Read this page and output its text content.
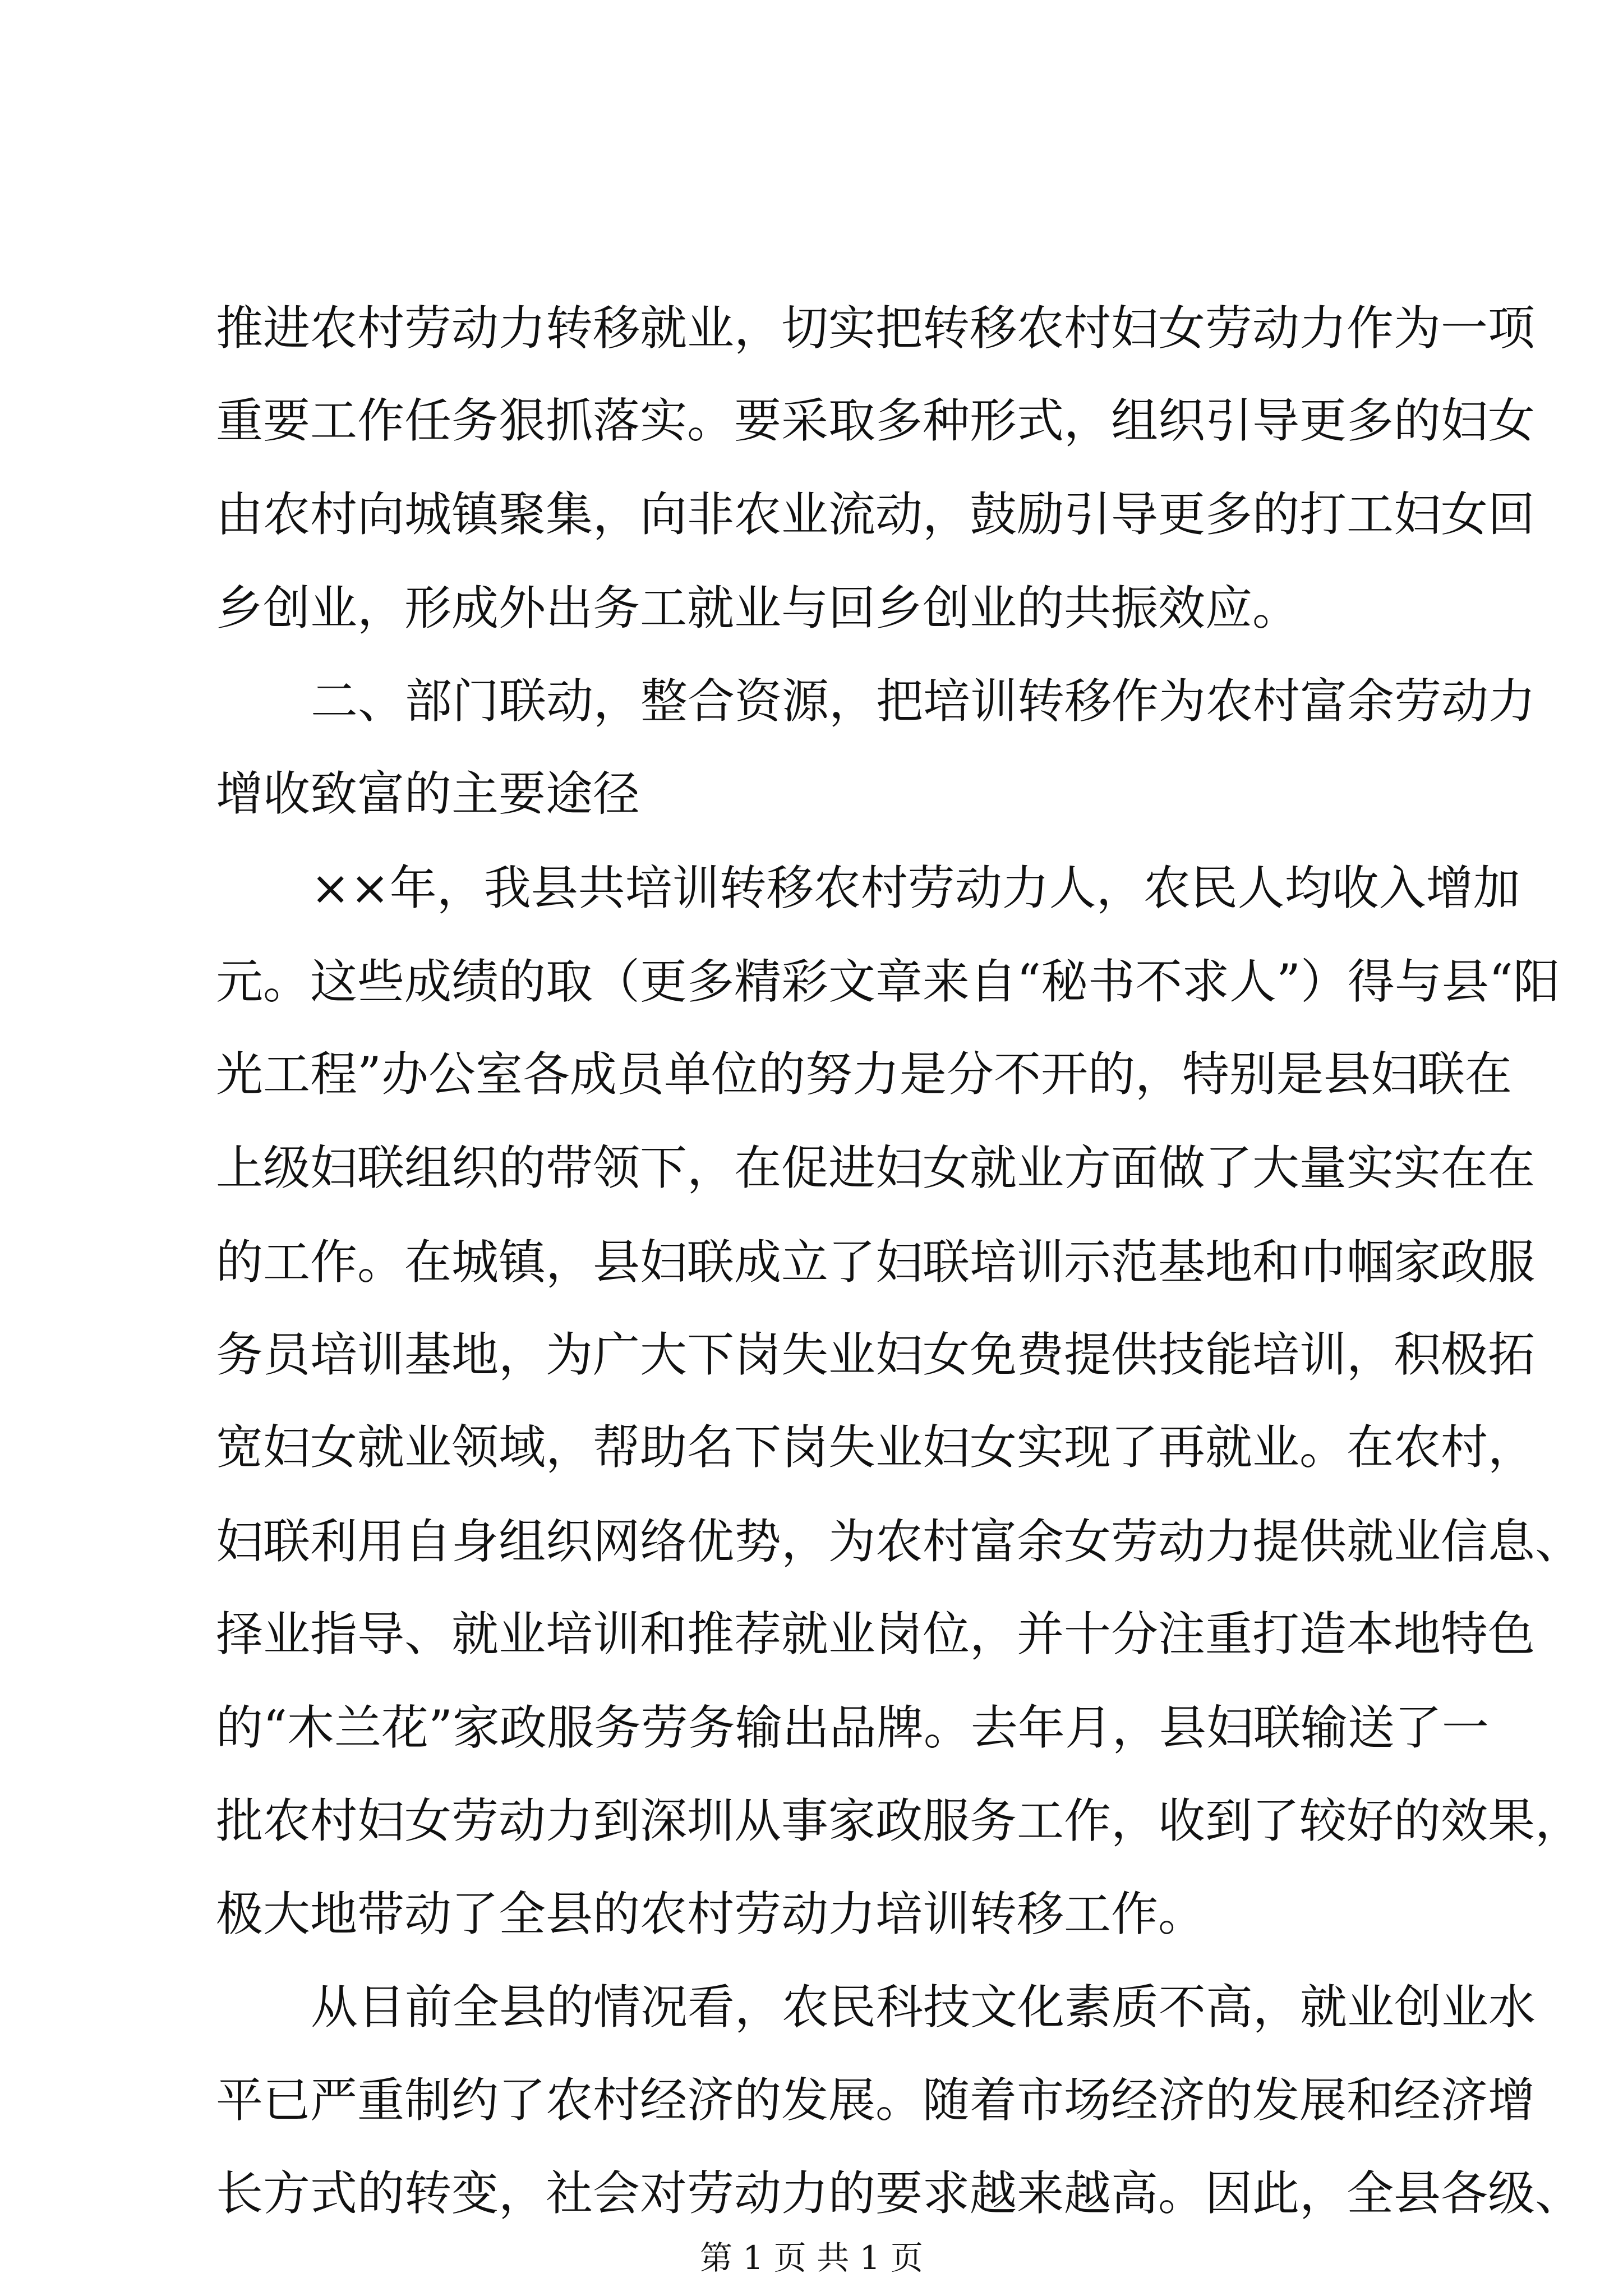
推进农村劳动力转移就业，切实把转移农村妇女劳动力作为一项
重要工作任务狠抓落实。要采取多种形式，组织引导更多的妇女
由农村向城镇聚集，向非农业流动，鼓励引导更多的打工妇女回
乡创业，形成外出务工就业与回乡创业的共振效应。
二、部门联动，整合资源，把培训转移作为农村富余劳动力
增收致富的主要途径
××年，我县共培训转移农村劳动力人，农民人均收入增加
元。这些成绩的取（更多精彩文章来自“秘书不求人”）得与县“阳
光工程”办公室各成员单位的努力是分不开的，特别是县妇联在
上级妇联组织的带领下，在促进妇女就业方面做了大量实实在在
的工作。在城镇，县妇联成立了妇联培训示范基地和巾帼家政服
务员培训基地，为广大下岗失业妇女免费提供技能培训，积极拓
宽妇女就业领域，帮助名下岗失业妇女实现了再就业。在农村，
妇联利用自身组织网络优势，为农村富余女劳动力提供就业信息、
择业指导、就业培训和推荐就业岗位，并十分注重打造本地特色
的“木兰花”家政服务劳务输出品牌。去年月，县妇联输送了一
批农村妇女劳动力到深圳从事家政服务工作，收到了较好的效果，
极大地带动了全县的农村劳动力培训转移工作。
从目前全县的情况看，农民科技文化素质不高，就业创业水
平已严重制约了农村经济的发展。随着市场经济的发展和经济增
长方式的转变，社会对劳动力的要求越来越高。因此，全县各级、
第 1 页 共 1 页
